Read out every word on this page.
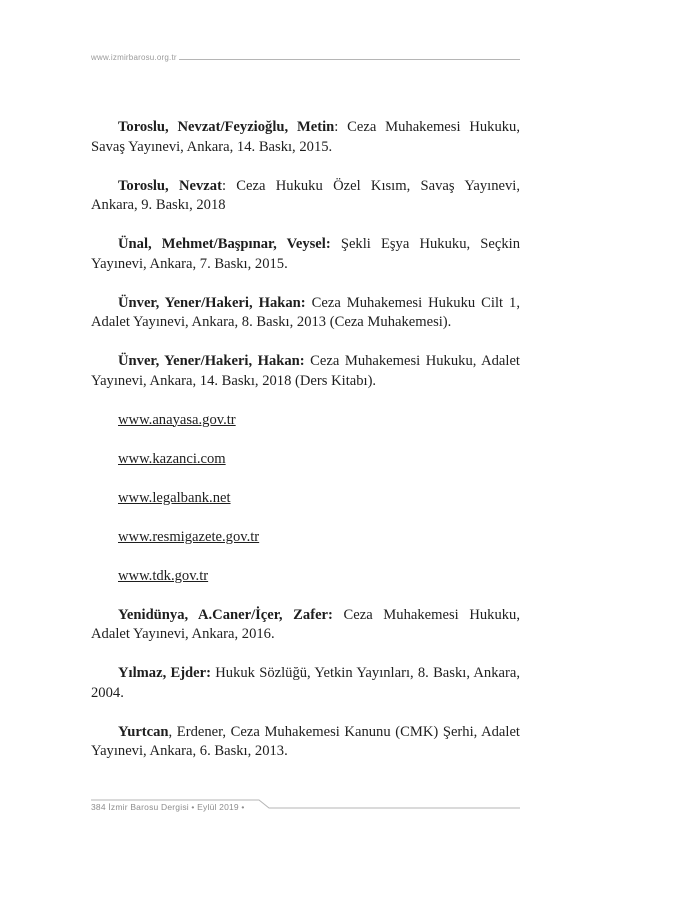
www.izmirbarosu.org.tr

Toroslu, Nevzat/Feyzioğlu, Metin: Ceza Muhakemesi Hukuku, Savaş Yayınevi, Ankara, 14. Baskı, 2015.

Toroslu, Nevzat: Ceza Hukuku Özel Kısım, Savaş Yayınevi, Ankara, 9. Baskı, 2018

Ünal, Mehmet/Başpınar, Veysel: Şekli Eşya Hukuku, Seçkin Yayınevi, Ankara, 7. Baskı, 2015.

Ünver, Yener/Hakeri, Hakan: Ceza Muhakemesi Hukuku Cilt 1, Adalet Yayınevi, Ankara, 8. Baskı, 2013 (Ceza Muhakemesi).

Ünver, Yener/Hakeri, Hakan: Ceza Muhakemesi Hukuku, Adalet Yayınevi, Ankara, 14. Baskı, 2018 (Ders Kitabı).

www.anayasa.gov.tr

www.kazanci.com

www.legalbank.net

www.resmigazete.gov.tr

www.tdk.gov.tr

Yenidünya, A.Caner/İçer, Zafer: Ceza Muhakemesi Hukuku, Adalet Yayınevi, Ankara, 2016.

Yılmaz, Ejder: Hukuk Sözlüğü, Yetkin Yayınları, 8. Baskı, Ankara, 2004.

Yurtcan, Erdener, Ceza Muhakemesi Kanunu (CMK) Şerhi, Adalet Yayınevi, Ankara, 6. Baskı, 2013.

384 İzmir Barosu Dergisi • Eylül 2019 •
